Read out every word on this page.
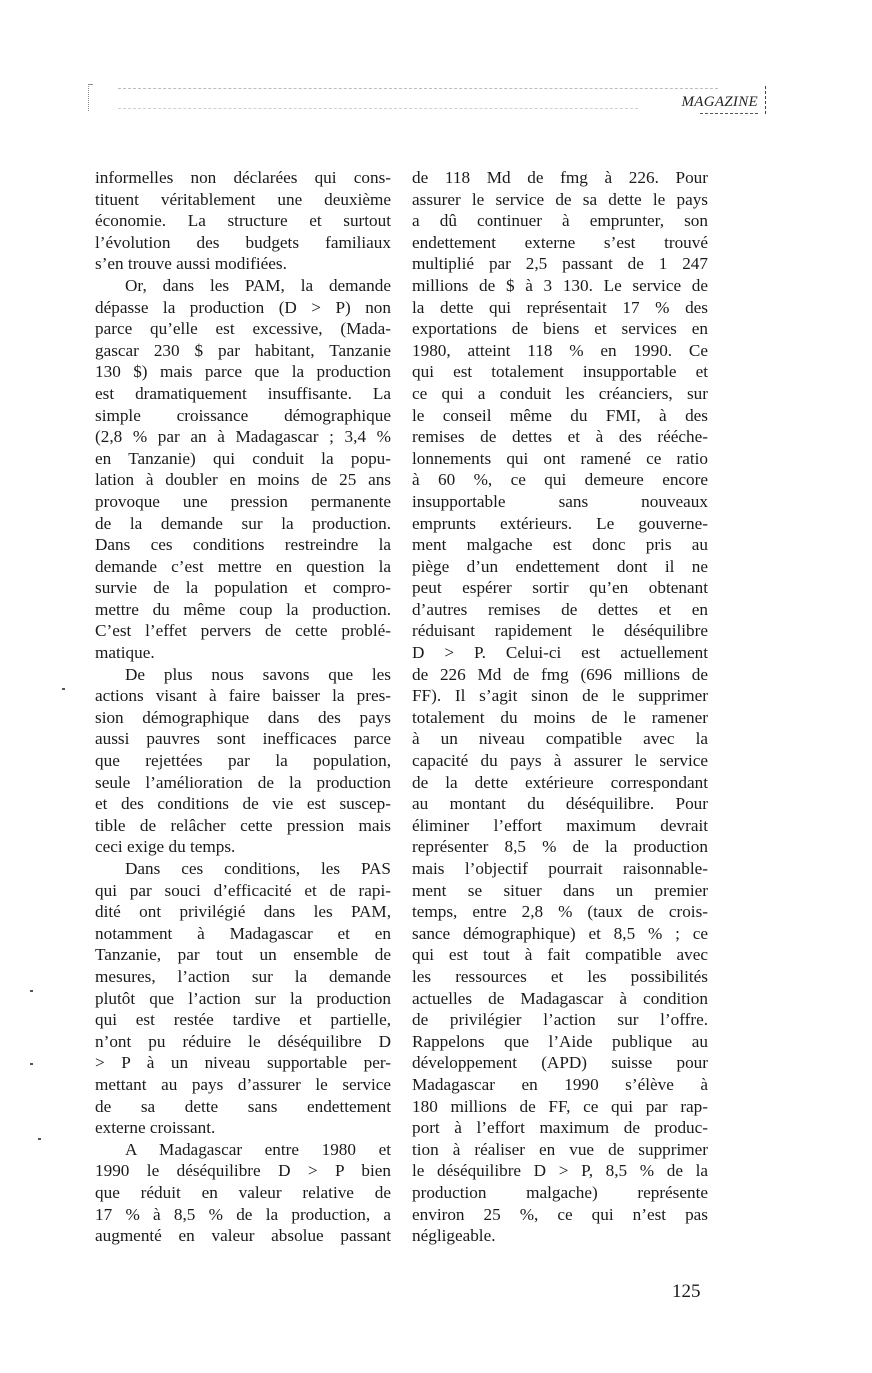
MAGAZINE
informelles non déclarées qui cons-
tituent véritablement une deuxième
économie. La structure et surtout
l’évolution des budgets familiaux
s’en trouve aussi modifiées.
Or, dans les PAM, la demande
dépasse la production (D > P) non
parce qu’elle est excessive, (Mada-
gascar 230 $ par habitant, Tanzanie
130 $) mais parce que la production
est dramatiquement insuffisante. La
simple croissance démographique
(2,8 % par an à Madagascar ; 3,4 %
en Tanzanie) qui conduit la popu-
lation à doubler en moins de 25 ans
provoque une pression permanente
de la demande sur la production.
Dans ces conditions restreindre la
demande c’est mettre en question la
survie de la population et compro-
mettre du même coup la production.
C’est l’effet pervers de cette problé-
matique.
De plus nous savons que les
actions visant à faire baisser la pres-
sion démographique dans des pays
aussi pauvres sont inefficaces parce
que rejettées par la population,
seule l’amélioration de la production
et des conditions de vie est suscep-
tible de relâcher cette pression mais
ceci exige du temps.
Dans ces conditions, les PAS
qui par souci d’efficacité et de rapi-
dité ont privilégié dans les PAM,
notamment à Madagascar et en
Tanzanie, par tout un ensemble de
mesures, l’action sur la demande
plutôt que l’action sur la production
qui est restée tardive et partielle,
n’ont pu réduire le déséquilibre D
> P à un niveau supportable per-
mettant au pays d’assurer le service
de sa dette sans endettement
externe croissant.
A Madagascar entre 1980 et
1990 le déséquilibre D > P bien
que réduit en valeur relative de
17 % à 8,5 % de la production, a
augmenté en valeur absolue passant
de 118 Md de fmg à 226. Pour
assurer le service de sa dette le pays
a dû continuer à emprunter, son
endettement externe s’est trouvé
multiplié par 2,5 passant de 1 247
millions de $ à 3 130. Le service de
la dette qui représentait 17 % des
exportations de biens et services en
1980, atteint 118 % en 1990. Ce
qui est totalement insupportable et
ce qui a conduit les créanciers, sur
le conseil même du FMI, à des
remises de dettes et à des rééche-
lonnements qui ont ramené ce ratio
à 60 %, ce qui demeure encore
insupportable sans nouveaux
emprunts extérieurs. Le gouverne-
ment malgache est donc pris au
piège d’un endettement dont il ne
peut espérer sortir qu’en obtenant
d’autres remises de dettes et en
réduisant rapidement le déséquilibre
D > P. Celui-ci est actuellement
de 226 Md de fmg (696 millions de
FF). Il s’agit sinon de le supprimer
totalement du moins de le ramener
à un niveau compatible avec la
capacité du pays à assurer le service
de la dette extérieure correspondant
au montant du déséquilibre. Pour
éliminer l’effort maximum devrait
représenter 8,5 % de la production
mais l’objectif pourrait raisonnable-
ment se situer dans un premier
temps, entre 2,8 % (taux de crois-
sance démographique) et 8,5 % ; ce
qui est tout à fait compatible avec
les ressources et les possibilités
actuelles de Madagascar à condition
de privilégier l’action sur l’offre.
Rappelons que l’Aide publique au
développement (APD) suisse pour
Madagascar en 1990 s’élève à
180 millions de FF, ce qui par rap-
port à l’effort maximum de produc-
tion à réaliser en vue de supprimer
le déséquilibre D > P, 8,5 % de la
production malgache) représente
environ 25 %, ce qui n’est pas
négligeable.
125
